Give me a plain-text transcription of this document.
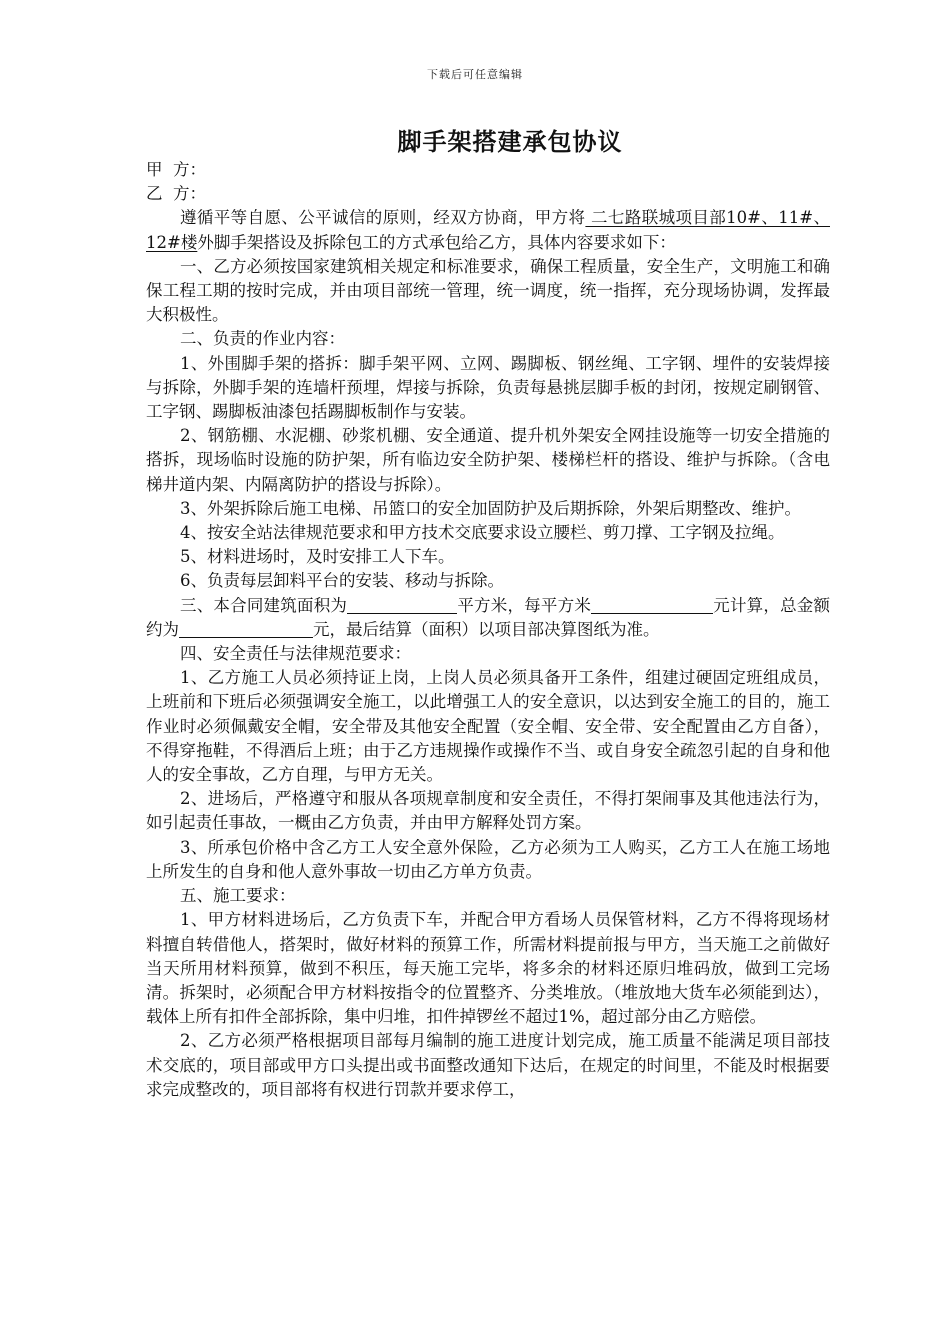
下载后可任意编辑
脚手架搭建承包协议

甲  方：

乙  方：

遵循平等自愿、公平诚信的原则，经双方协商，甲方将 二七路联城项目部10#、11#、12#楼外脚手架搭设及拆除包工的方式承包给乙方，具体内容要求如下：

一、乙方必须按国家建筑相关规定和标准要求，确保工程质量，安全生产，文明施工和确保工程工期的按时完成，并由项目部统一管理，统一调度，统一指挥，充分现场协调，发挥最大积极性。

二、负责的作业内容：

1、外围脚手架的搭拆：脚手架平网、立网、踢脚板、钢丝绳、工字钢、埋件的安装焊接与拆除，外脚手架的连墙杆预埋，焊接与拆除，负责每悬挑层脚手板的封闭，按规定刷钢管、工字钢、踢脚板油漆包括踢脚板制作与安装。

2、钢筋棚、水泥棚、砂浆机棚、安全通道、提升机外架安全网挂设施等一切安全措施的搭拆，现场临时设施的防护架，所有临边安全防护架、楼梯栏杆的搭设、维护与拆除。（含电梯井道内架、内隔离防护的搭设与拆除）。

3、外架拆除后施工电梯、吊篮口的安全加固防护及后期拆除，外架后期整改、维护。

4、按安全站法律规范要求和甲方技术交底要求设立腰栏、剪刀撑、工字钢及拉绳。

5、材料进场时，及时安排工人下车。

6、负责每层卸料平台的安装、移动与拆除。

三、本合同建筑面积为	平方米，每平方米	元计算，总金额约为	元，最后结算（面积）以项目部决算图纸为准。

四、安全责任与法律规范要求：

1、乙方施工人员必须持证上岗，上岗人员必须具备开工条件，组建过硬固定班组成员，上班前和下班后必须强调安全施工，以此增强工人的安全意识，以达到安全施工的目的，施工作业时必须佩戴安全帽，安全带及其他安全配置（安全帽、安全带、安全配置由乙方自备），不得穿拖鞋，不得酒后上班；由于乙方违规操作或操作不当、或自身安全疏忽引起的自身和他人的安全事故，乙方自理，与甲方无关。

2、进场后，严格遵守和服从各项规章制度和安全责任，不得打架闹事及其他违法行为，如引起责任事故，一概由乙方负责，并由甲方解释处罚方案。

3、所承包价格中含乙方工人安全意外保险，乙方必须为工人购买，乙方工人在施工场地上所发生的自身和他人意外事故一切由乙方单方负责。

五、施工要求：

1、甲方材料进场后，乙方负责下车，并配合甲方看场人员保管材料，乙方不得将现场材料擅自转借他人，搭架时，做好材料的预算工作，所需材料提前报与甲方，当天施工之前做好当天所用材料预算，做到不积压，每天施工完毕，将多余的材料还原归堆码放，做到工完场清。拆架时，必须配合甲方材料按指令的位置整齐、分类堆放。（堆放地大货车必须能到达），载体上所有扣件全部拆除，集中归堆，扣件掉锣丝不超过1%，超过部分由乙方赔偿。

2、乙方必须严格根据项目部每月编制的施工进度计划完成，施工质量不能满足项目部技术交底的，项目部或甲方口头提出或书面整改通知下达后，在规定的时间里，不能及时根据要求完成整改的，项目部将有权进行罚款并要求停工，
